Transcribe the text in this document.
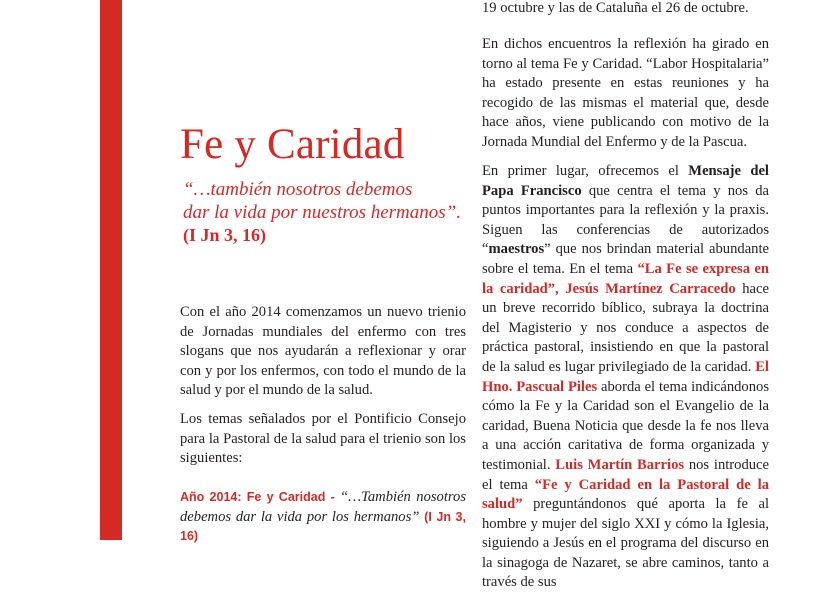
Fe y Caridad
“…también nosotros debemos
dar la vida por nuestros hermanos”.
(I Jn 3, 16)

Con el año 2014 comenzamos un nuevo trienio de Jornadas mundiales del enfermo con tres slogans que nos ayudarán a reflexionar y orar con y por los enfermos, con todo el mundo de la salud y por el mundo de la salud.

Los temas señalados por el Pontificio Consejo para la Pastoral de la salud para el trienio son los siguientes:

Año 2014: Fe y Caridad - “…También nosotros debemos dar la vida por los hermanos” (I Jn 3, 16)

19 octubre y las de Cataluña el 26 de octubre.

En dichos encuentros la reflexión ha girado en torno al tema Fe y Caridad. “Labor Hospitalaria” ha estado presente en estas reuniones y ha recogido de las mismas el material que, desde hace años, viene publicando con motivo de la Jornada Mundial del Enfermo y de la Pascua.

En primer lugar, ofrecemos el Mensaje del Papa Francisco que centra el tema y nos da puntos importantes para la reflexión y la praxis. Siguen las conferencias de autorizados “maestros” que nos brindan material abundante sobre el tema. En el tema “La Fe se expresa en la caridad”, Jesús Martínez Carracedo hace un breve recorrido bíblico, subraya la doctrina del Magisterio y nos conduce a aspectos de práctica pastoral, insistiendo en que la pastoral de la salud es lugar privilegiado de la caridad. El Hno. Pascual Piles aborda el tema indicándonos cómo la Fe y la Caridad son el Evangelio de la caridad, Buena Noticia que desde la fe nos lleva a una acción caritativa de forma organizada y testimonial. Luis Martín Barrios nos introduce el tema “Fe y Caridad en la Pastoral de la salud” preguntándonos qué aporta la fe al hombre y mujer del siglo XXI y cómo la Iglesia, siguiendo a Jesús en el programa del discurso en la sinagoga de Nazaret, se abre caminos, tanto a través de sus
